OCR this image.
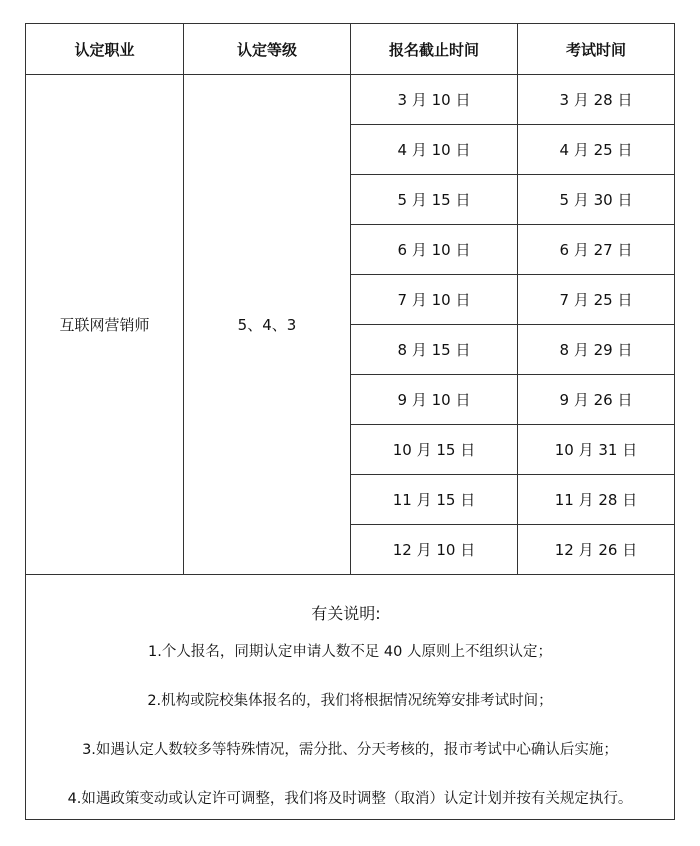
认定职业	认定等级	报名截止时间	考试时间
互联网营销师	5、4、3	3 月 10 日	3 月 28 日
		4 月 10 日	4 月 25 日
		5 月 15 日	5 月 30 日
		6 月 10 日	6 月 27 日
		7 月 10 日	7 月 25 日
		8 月 15 日	8 月 29 日
		9 月 10 日	9 月 26 日
		10 月 15 日	10 月 31 日
		11 月 15 日	11 月 28 日
		12 月 10 日	12 月 26 日

有关说明:
1.个人报名，同期认定申请人数不足 40 人原则上不组织认定；
2.机构或院校集体报名的，我们将根据情况统筹安排考试时间；
3.如遇认定人数较多等特殊情况，需分批、分天考核的，报市考试中心确认后实施；
4.如遇政策变动或认定许可调整，我们将及时调整（取消）认定计划并按有关规定执行。			
